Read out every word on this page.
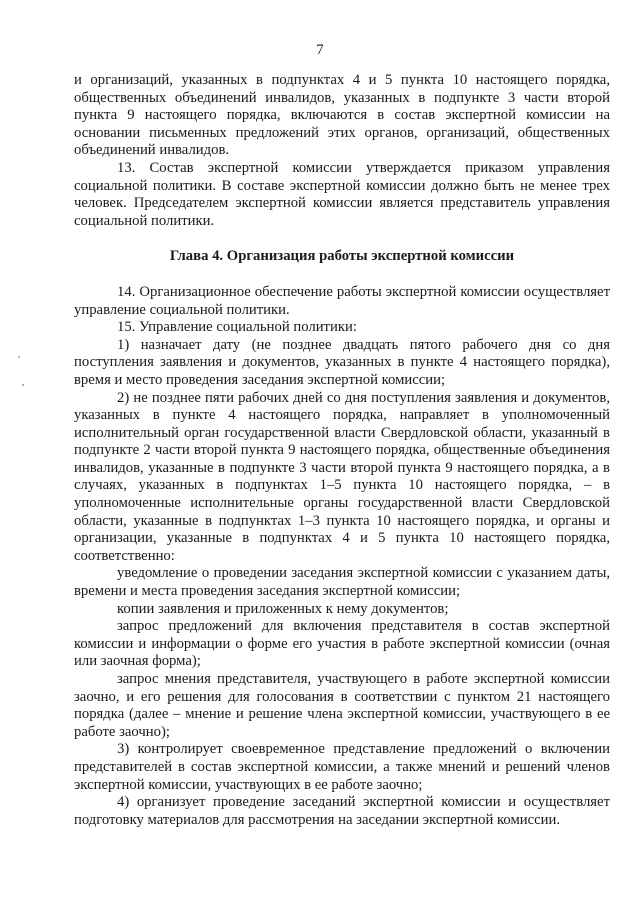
7

и организаций, указанных в подпунктах 4 и 5 пункта 10 настоящего порядка, общественных объединений инвалидов, указанных в подпункте 3 части второй пункта 9 настоящего порядка, включаются в состав экспертной комиссии на основании письменных предложений этих органов, организаций, общественных объединений инвалидов.

13. Состав экспертной комиссии утверждается приказом управления социальной политики. В составе экспертной комиссии должно быть не менее трех человек. Председателем экспертной комиссии является представитель управления социальной политики.

Глава 4. Организация работы экспертной комиссии

14. Организационное обеспечение работы экспертной комиссии осуществляет управление социальной политики.

15. Управление социальной политики:

1) назначает дату (не позднее двадцать пятого рабочего дня со дня поступления заявления и документов, указанных в пункте 4 настоящего порядка), время и место проведения заседания экспертной комиссии;

2) не позднее пяти рабочих дней со дня поступления заявления и документов, указанных в пункте 4 настоящего порядка, направляет в уполномоченный исполнительный орган государственной власти Свердловской области, указанный в подпункте 2 части второй пункта 9 настоящего порядка, общественные объединения инвалидов, указанные в подпункте 3 части второй пункта 9 настоящего порядка, а в случаях, указанных в подпунктах 1–5 пункта 10 настоящего порядка, – в уполномоченные исполнительные органы государственной власти Свердловской области, указанные в подпунктах 1–3 пункта 10 настоящего порядка, и органы и организации, указанные в подпунктах 4 и 5 пункта 10 настоящего порядка, соответственно:

уведомление о проведении заседания экспертной комиссии с указанием даты, времени и места проведения заседания экспертной комиссии;

копии заявления и приложенных к нему документов;

запрос предложений для включения представителя в состав экспертной комиссии и информации о форме его участия в работе экспертной комиссии (очная или заочная форма);

запрос мнения представителя, участвующего в работе экспертной комиссии заочно, и его решения для голосования в соответствии с пунктом 21 настоящего порядка (далее – мнение и решение члена экспертной комиссии, участвующего в ее работе заочно);

3) контролирует своевременное представление предложений о включении представителей в состав экспертной комиссии, а также мнений и решений членов экспертной комиссии, участвующих в ее работе заочно;

4) организует проведение заседаний экспертной комиссии и осуществляет подготовку материалов для рассмотрения на заседании экспертной комиссии.
